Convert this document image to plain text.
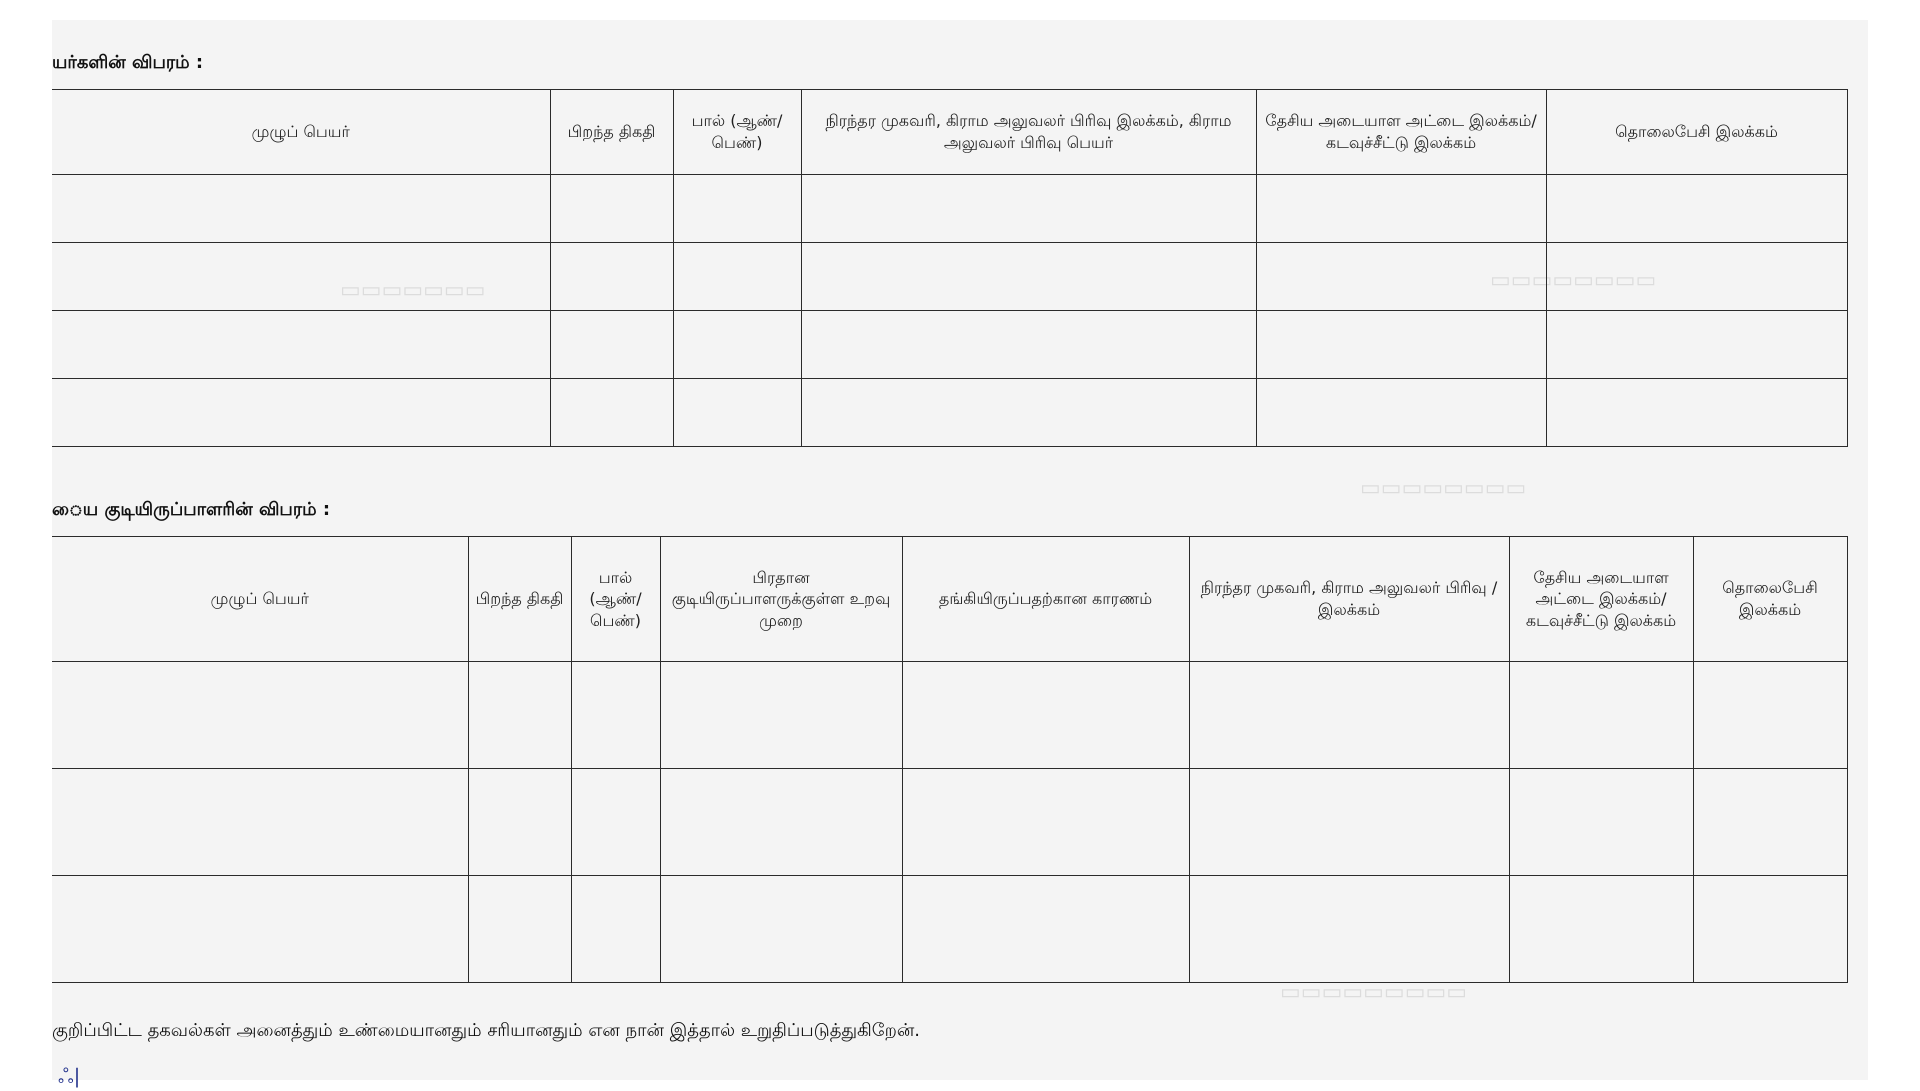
▭▭▭▭▭▭▭▭
▭▭▭▭▭▭▭
▭▭▭▭▭▭▭▭
▭▭▭▭▭▭▭▭▭
யர்களின் விபரம் :
முழுப் பெயர்	பிறந்த திகதி	பால் (ஆண்/ பெண்)	நிரந்தர முகவரி, கிராம அலுவலர் பிரிவு இலக்கம், கிராம அலுவலர் பிரிவு பெயர்	தேசிய அடையாள அட்டை இலக்கம்/கடவுச்சீட்டு இலக்கம்	தொலைபேசி இலக்கம்

ைய குடியிருப்பாளரின் விபரம் :
முழுப் பெயர்	பிறந்த திகதி	பால் (ஆண்/ பெண்)	பிரதான குடியிருப்பாளருக்குள்ள உறவு முறை	தங்கியிருப்பதற்கான காரணம்	நிரந்தர முகவரி, கிராம அலுவலர் பிரிவு /இலக்கம்	தேசிய அடையாள அட்டை இலக்கம்/ கடவுச்சீட்டு இலக்கம்	தொலைபேசி இலக்கம்

குறிப்பிட்ட தகவல்கள் அனைத்தும் உண்மையானதும் சரியானதும் என நான் இத்தால் உறுதிப்படுத்துகிறேன்.
ஃ|
